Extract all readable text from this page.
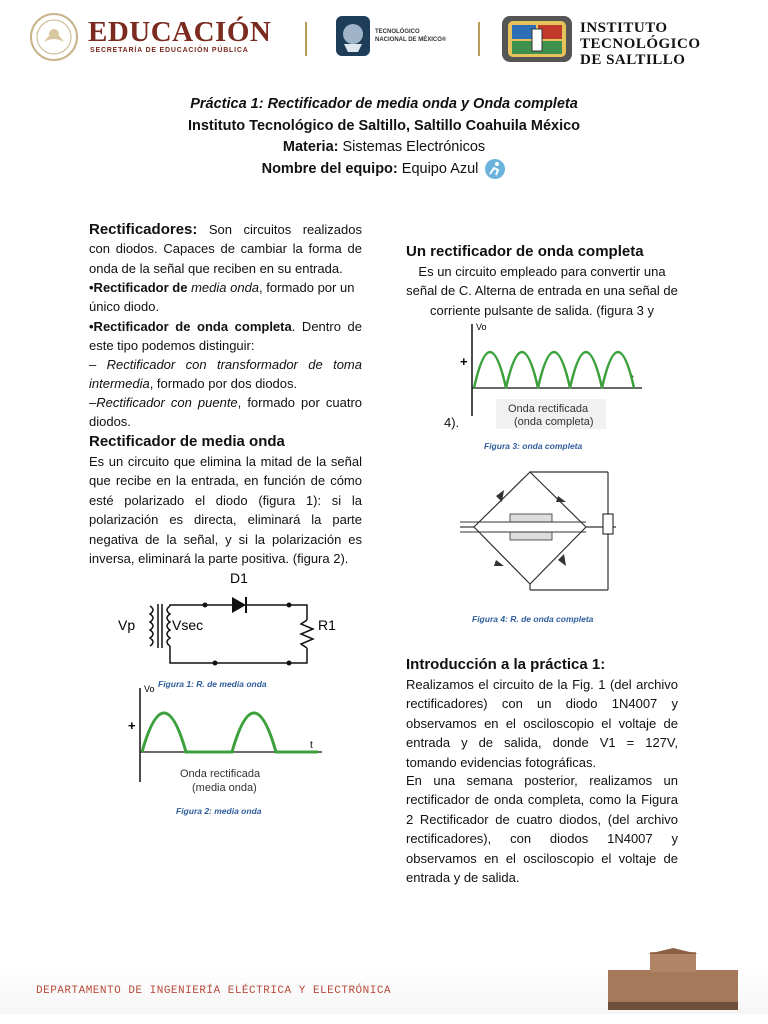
EDUCACIÓN
SECRETARÍA DE EDUCACIÓN PÚBLICA
TECNOLÓGICO
NACIONAL DE MÉXICO®
INSTITUTO
TECNOLÓGICO
DE SALTILLO
Práctica 1: Rectificador de media onda y Onda completa
Instituto Tecnológico de Saltillo, Saltillo Coahuila México
Materia: Sistemas Electrónicos
Nombre del equipo: Equipo Azul
Rectificadores: Son circuitos realizados con diodos. Capaces de cambiar la forma de onda de la señal que reciben en su entrada.
•Rectificador de media onda, formado por un único diodo.
•Rectificador de onda completa. Dentro de este tipo podemos distinguir:
– Rectificador con transformador de toma intermedia, formado por dos diodos.
–Rectificador con puente, formado por cuatro diodos.
Rectificador de media onda
Es un circuito que elimina la mitad de la señal que recibe en la entrada, en función de cómo esté polarizado el diodo (figura 1): si la polarización es directa, eliminará la parte negativa de la señal, y si la polarización es inversa, eliminará la parte positiva. (figura 2).
D1
Vp	Vsec	R1
Figura 1: R. de media onda
Vo
+
t
Onda rectificada
(media onda)
Figura 2: media onda
Un rectificador de onda completa
Es un circuito empleado para convertir una señal de C. Alterna de entrada en una señal de corriente pulsante de salida. (figura 3 y
Vo
+
t
Onda rectificada
(onda completa)
4).
Figura 3: onda completa
Figura 4: R. de onda completa
Introducción a la práctica 1:
Realizamos el circuito de la Fig. 1 (del archivo rectificadores) con un diodo 1N4007 y observamos en el osciloscopio el voltaje de entrada y de salida, donde V1 = 127V, tomando evidencias fotográficas.
En una semana posterior, realizamos un rectificador de onda completa, como la Figura 2 Rectificador de cuatro diodos, (del archivo rectificadores), con diodos 1N4007 y observamos en el osciloscopio el voltaje de entrada y de salida.
DEPARTAMENTO DE INGENIERÍA ELÉCTRICA Y ELECTRÓNICA
